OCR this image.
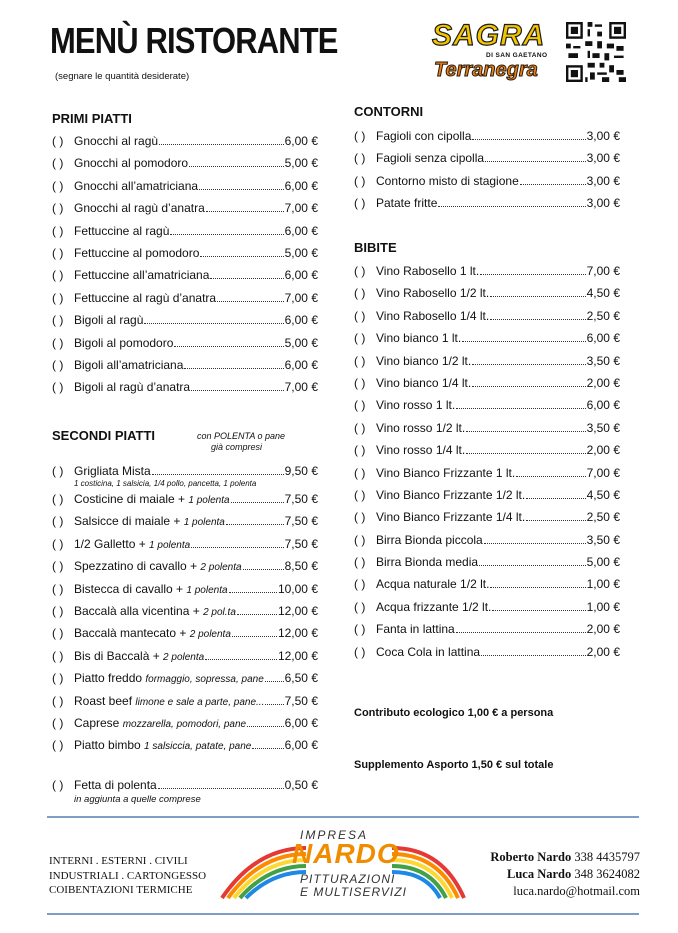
MENÙ RISTORANTE
(segnare le quantità desiderate)
SAGRA
DI SAN GAETANO
Terranegra
PRIMI PIATTI
( ) Gnocchi al ragù	6,00 €
( ) Gnocchi al pomodoro	5,00 €
( ) Gnocchi all’amatriciana	6,00 €
( ) Gnocchi al ragù d’anatra	7,00 €
( ) Fettuccine al ragù	6,00 €
( ) Fettuccine al pomodoro	5,00 €
( ) Fettuccine all’amatriciana	6,00 €
( ) Fettuccine al ragù d’anatra	7,00 €
( ) Bigoli al ragù	6,00 €
( ) Bigoli al pomodoro	5,00 €
( ) Bigoli all’amatriciana	6,00 €
( ) Bigoli al ragù d’anatra	7,00 €
SECONDI PIATTI	con POLENTA o pane
già compresi
( ) Grigliata Mista	9,50 €
1 costicina, 1 salsicia, 1/4 pollo, pancetta, 1 polenta
( ) Costicine di maiale + 1 polenta	7,50 €
( ) Salsicce di maiale + 1 polenta	7,50 €
( ) 1/2 Galletto + 1 polenta	7,50 €
( ) Spezzatino di cavallo + 2 polenta	8,50 €
( ) Bistecca di cavallo + 1 polenta	10,00 €
( ) Baccalà alla vicentina + 2 pol.ta	12,00 €
( ) Baccalà mantecato + 2 polenta	12,00 €
( ) Bis di Baccalà + 2 polenta	12,00 €
( ) Piatto freddo formaggio, sopressa, pane 6,50 €
( ) Roast beef limone e sale a parte, pane... 7,50 €
( ) Caprese mozzarella, pomodori, pane	6,00 €
( ) Piatto bimbo 1 salsiccia, patate, pane	6,00 €
( ) Fetta di polenta	0,50 €
in aggiunta a quelle comprese
CONTORNI
( ) Fagioli con cipolla	3,00 €
( ) Fagioli senza cipolla	3,00 €
( ) Contorno misto di stagione	3,00 €
( ) Patate fritte	3,00 €
BIBITE
( ) Vino Rabosello 1 lt.	7,00 €
( ) Vino Rabosello 1/2 lt.	4,50 €
( ) Vino Rabosello 1/4 lt.	2,50 €
( ) Vino bianco 1 lt.	6,00 €
( ) Vino bianco 1/2 lt.	3,50 €
( ) Vino bianco 1/4 lt.	2,00 €
( ) Vino rosso 1 lt.	6,00 €
( ) Vino rosso 1/2 lt.	3,50 €
( ) Vino rosso 1/4 lt.	2,00 €
( ) Vino Bianco Frizzante 1 lt.	7,00 €
( ) Vino Bianco Frizzante 1/2 lt.	4,50 €
( ) Vino Bianco Frizzante 1/4 lt.	2,50 €
( ) Birra Bionda piccola	3,50 €
( ) Birra Bionda media	5,00 €
( ) Acqua naturale 1/2 lt.	1,00 €
( ) Acqua frizzante 1/2 lt.	1,00 €
( ) Fanta in lattina	2,00 €
( ) Coca Cola in lattina	2,00 €
Contributo ecologico 1,00 € a persona
Supplemento Asporto 1,50 € sul totale
INTERNI . ESTERNI . CIVILI
INDUSTRIALI . CARTONGESSO
COIBENTAZIONI TERMICHE
IMPRESA
NARDO
PITTURAZIONI
E MULTISERVIZI
Roberto Nardo 338 4435797
Luca Nardo 348 3624082
luca.nardo@hotmail.com
